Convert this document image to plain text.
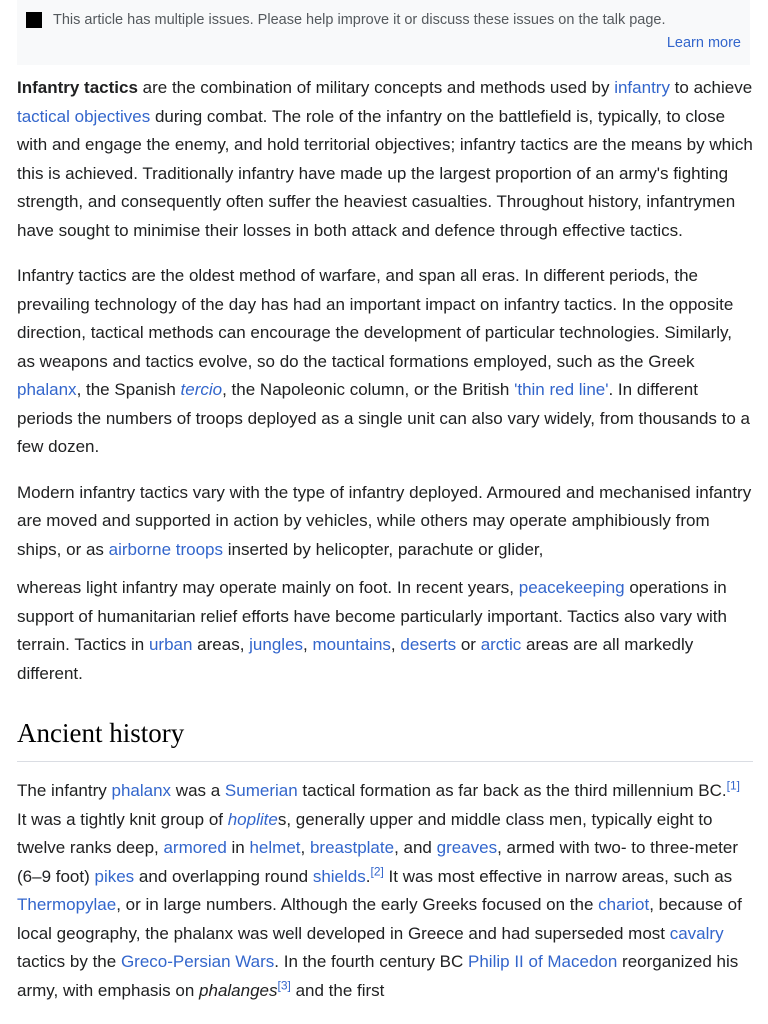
This article has multiple issues. Please help improve it or discuss these issues on the talk page.
Learn more

Infantry tactics are the combination of military concepts and methods used by infantry to achieve tactical objectives during combat. The role of the infantry on the battlefield is, typically, to close with and engage the enemy, and hold territorial objectives; infantry tactics are the means by which this is achieved. Traditionally infantry have made up the largest proportion of an army's fighting strength, and consequently often suffer the heaviest casualties. Throughout history, infantrymen have sought to minimise their losses in both attack and defence through effective tactics.

Infantry tactics are the oldest method of warfare, and span all eras. In different periods, the prevailing technology of the day has had an important impact on infantry tactics. In the opposite direction, tactical methods can encourage the development of particular technologies. Similarly, as weapons and tactics evolve, so do the tactical formations employed, such as the Greek phalanx, the Spanish tercio, the Napoleonic column, or the British 'thin red line'. In different periods the numbers of troops deployed as a single unit can also vary widely, from thousands to a few dozen.

Modern infantry tactics vary with the type of infantry deployed. Armoured and mechanised infantry are moved and supported in action by vehicles, while others may operate amphibiously from ships, or as airborne troops inserted by helicopter, parachute or glider,

whereas light infantry may operate mainly on foot. In recent years, peacekeeping operations in support of humanitarian relief efforts have become particularly important. Tactics also vary with terrain. Tactics in urban areas, jungles, mountains, deserts or arctic areas are all markedly different.

Ancient history

The infantry phalanx was a Sumerian tactical formation as far back as the third millennium BC.[1] It was a tightly knit group of hoplites, generally upper and middle class men, typically eight to twelve ranks deep, armored in helmet, breastplate, and greaves, armed with two- to three-meter (6–9 foot) pikes and overlapping round shields.[2] It was most effective in narrow areas, such as Thermopylae, or in large numbers. Although the early Greeks focused on the chariot, because of local geography, the phalanx was well developed in Greece and had superseded most cavalry tactics by the Greco-Persian Wars. In the fourth century BC Philip II of Macedon reorganized his army, with emphasis on phalanges[3] and the first
